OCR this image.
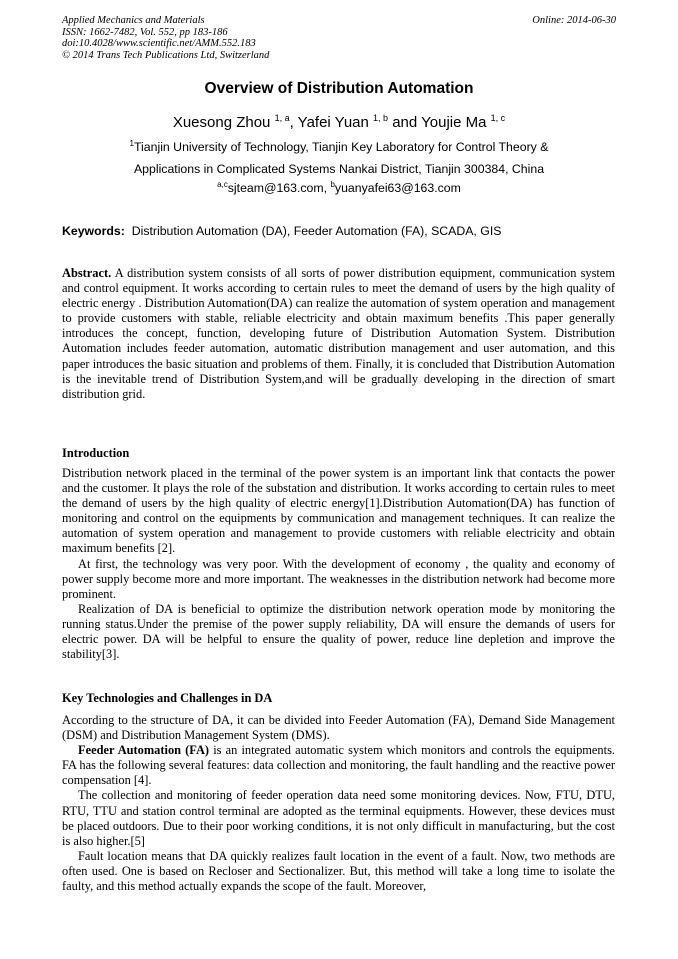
Applied Mechanics and Materials
ISSN: 1662-7482, Vol. 552, pp 183-186
doi:10.4028/www.scientific.net/AMM.552.183
© 2014 Trans Tech Publications Ltd, Switzerland
Online: 2014-06-30
Overview of Distribution Automation
Xuesong Zhou $^{1, a}$, Yafei Yuan $^{1, b}$ and Youjie Ma $^{1, c}$
$^1$Tianjin University of Technology, Tianjin Key Laboratory for Control Theory &
Applications in Complicated Systems Nankai District, Tianjin 300384, China
$^{a,c}$sjteam@163.com, $^b$yuanyafei63@163.com
Keywords: Distribution Automation (DA), Feeder Automation (FA), SCADA, GIS

Abstract. A distribution system consists of all sorts of power distribution equipment, communication system and control equipment. It works according to certain rules to meet the demand of users by the high quality of electric energy . Distribution Automation(DA) can realize the automation of system operation and management to provide customers with stable, reliable electricity and obtain maximum benefits .This paper generally introduces the concept, function, developing future of Distribution Automation System. Distribution Automation includes feeder automation, automatic distribution management and user automation, and this paper introduces the basic situation and problems of them. Finally, it is concluded that Distribution Automation is the inevitable trend of Distribution System,and will be gradually developing in the direction of smart distribution grid.

Introduction

Distribution network placed in the terminal of the power system is an important link that contacts the power and the customer. It plays the role of the substation and distribution. It works according to certain rules to meet the demand of users by the high quality of electric energy[1].Distribution Automation(DA) has function of monitoring and control on the equipments by communication and management techniques. It can realize the automation of system operation and management to provide customers with reliable electricity and obtain maximum benefits [2].

At first, the technology was very poor. With the development of economy , the quality and economy of power supply become more and more important. The weaknesses in the distribution network had become more prominent.

Realization of DA is beneficial to optimize the distribution network operation mode by monitoring the running status.Under the premise of the power supply reliability, DA will ensure the demands of users for electric power. DA will be helpful to ensure the quality of power, reduce line depletion and improve the stability[3].

Key Technologies and Challenges in DA

According to the structure of DA, it can be divided into Feeder Automation (FA), Demand Side Management (DSM) and Distribution Management System (DMS).

Feeder Automation (FA) is an integrated automatic system which monitors and controls the equipments. FA has the following several features: data collection and monitoring, the fault handling and the reactive power compensation [4].

The collection and monitoring of feeder operation data need some monitoring devices. Now, FTU, DTU, RTU, TTU and station control terminal are adopted as the terminal equipments. However, these devices must be placed outdoors. Due to their poor working conditions, it is not only difficult in manufacturing, but the cost is also higher.[5]

Fault location means that DA quickly realizes fault location in the event of a fault. Now, two methods are often used. One is based on Recloser and Sectionalizer. But, this method will take a long time to isolate the faulty, and this method actually expands the scope of the fault. Moreover,
